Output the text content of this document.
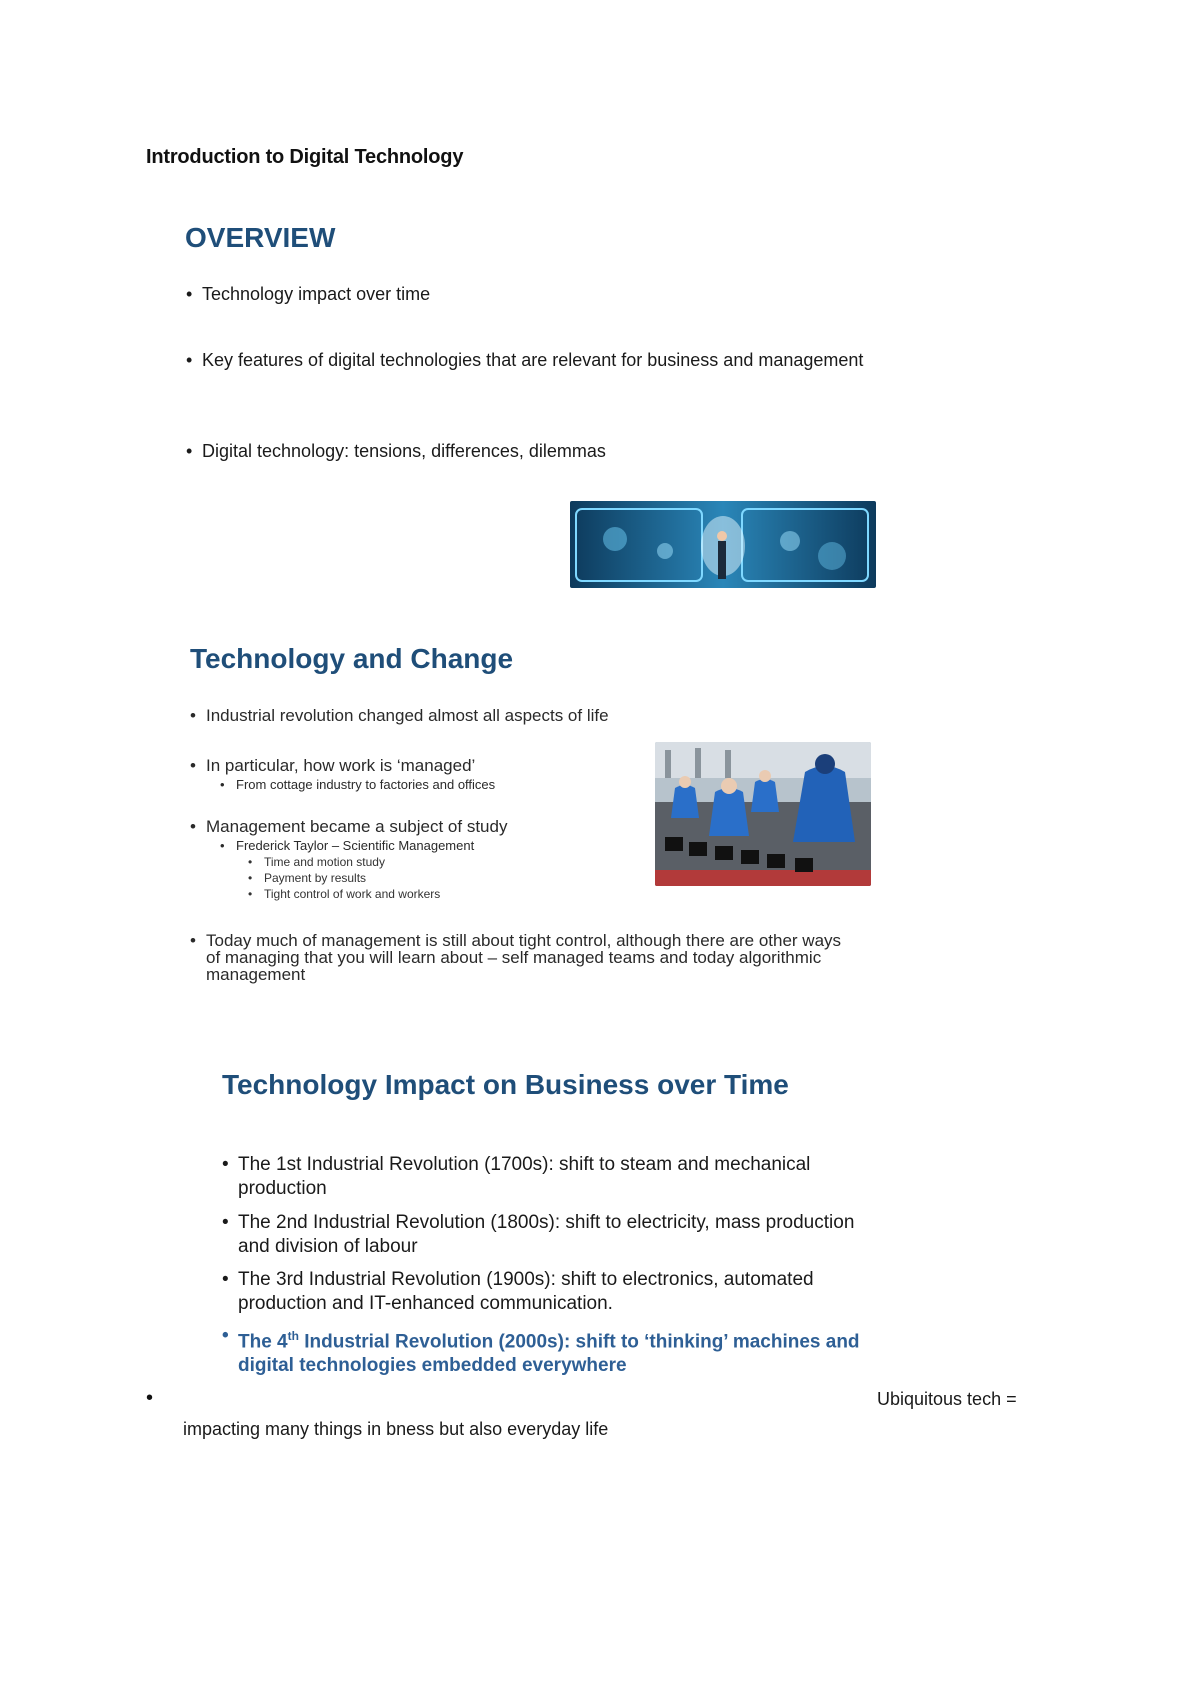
Introduction to Digital Technology
OVERVIEW
• Technology impact over time
• Key features of digital technologies that are relevant for business and management
• Digital technology: tensions, differences, dilemmas
Technology and Change
• Industrial revolution changed almost all aspects of life
• In particular, how work is ‘managed’
• From cottage industry to factories and offices
• Management became a subject of study
• Frederick Taylor – Scientific Management
• Time and motion study
• Payment by results
• Tight control of work and workers
• Today much of management is still about tight control, although there are other ways of managing that you will learn about – self managed teams and today algorithmic management
Technology Impact on Business over Time
• The 1st Industrial Revolution (1700s): shift to steam and mechanical production
• The 2nd Industrial Revolution (1800s): shift to electricity, mass production and division of labour
• The 3rd Industrial Revolution (1900s): shift to electronics, automated production and IT-enhanced communication.
• The 4th Industrial Revolution (2000s): shift to ‘thinking’ machines and digital technologies embedded everywhere
•	Ubiquitous tech =
impacting many things in bness but also everyday life
